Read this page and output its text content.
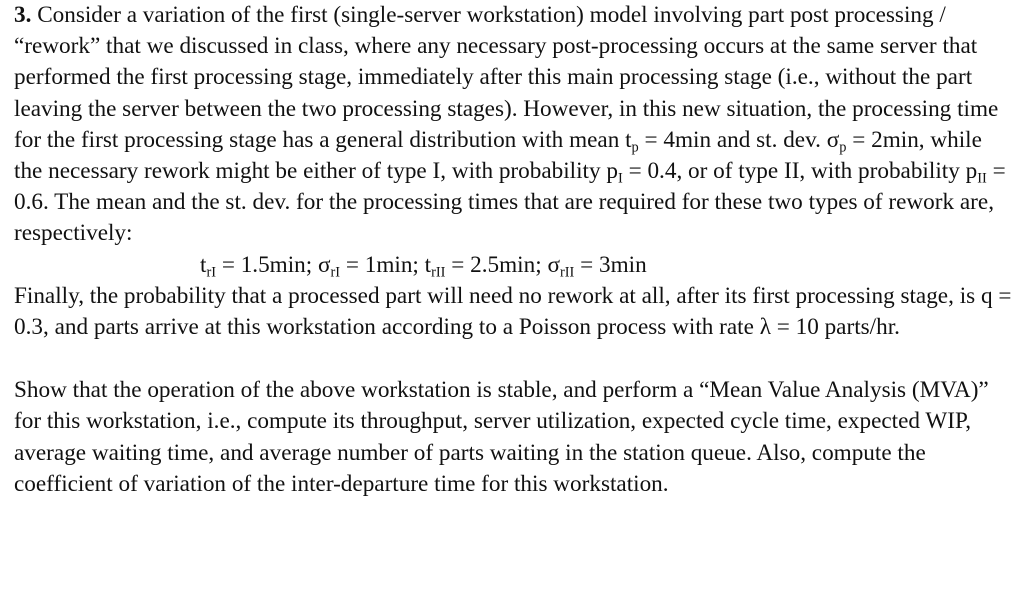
3. Consider a variation of the first (single-server workstation) model involving part post processing / “rework” that we discussed in class, where any necessary post-processing occurs at the same server that performed the first processing stage, immediately after this main processing stage (i.e., without the part leaving the server between the two processing stages). However, in this new situation, the processing time for the first processing stage has a general distribution with mean $t_p = 4\min$ and st. dev. $\sigma_p = 2\min$, while the necessary rework might be either of type I, with probability $p_I = 0.4$, or of type II, with probability $p_{II} = 0.6$. The mean and the st. dev. for the processing times that are required for these two types of rework are, respectively:
$t_{rI} = 1.5\min$; $\sigma_{rI} = 1\min$; $t_{rII} = 2.5\min$; $\sigma_{rII} = 3\min$
Finally, the probability that a processed part will need no rework at all, after its first processing stage, is q = 0.3, and parts arrive at this workstation according to a Poisson process with rate λ = 10 parts/hr.

Show that the operation of the above workstation is stable, and perform a “Mean Value Analysis (MVA)” for this workstation, i.e., compute its throughput, server utilization, expected cycle time, expected WIP, average waiting time, and average number of parts waiting in the station queue. Also, compute the coefficient of variation of the inter-departure time for this workstation.
